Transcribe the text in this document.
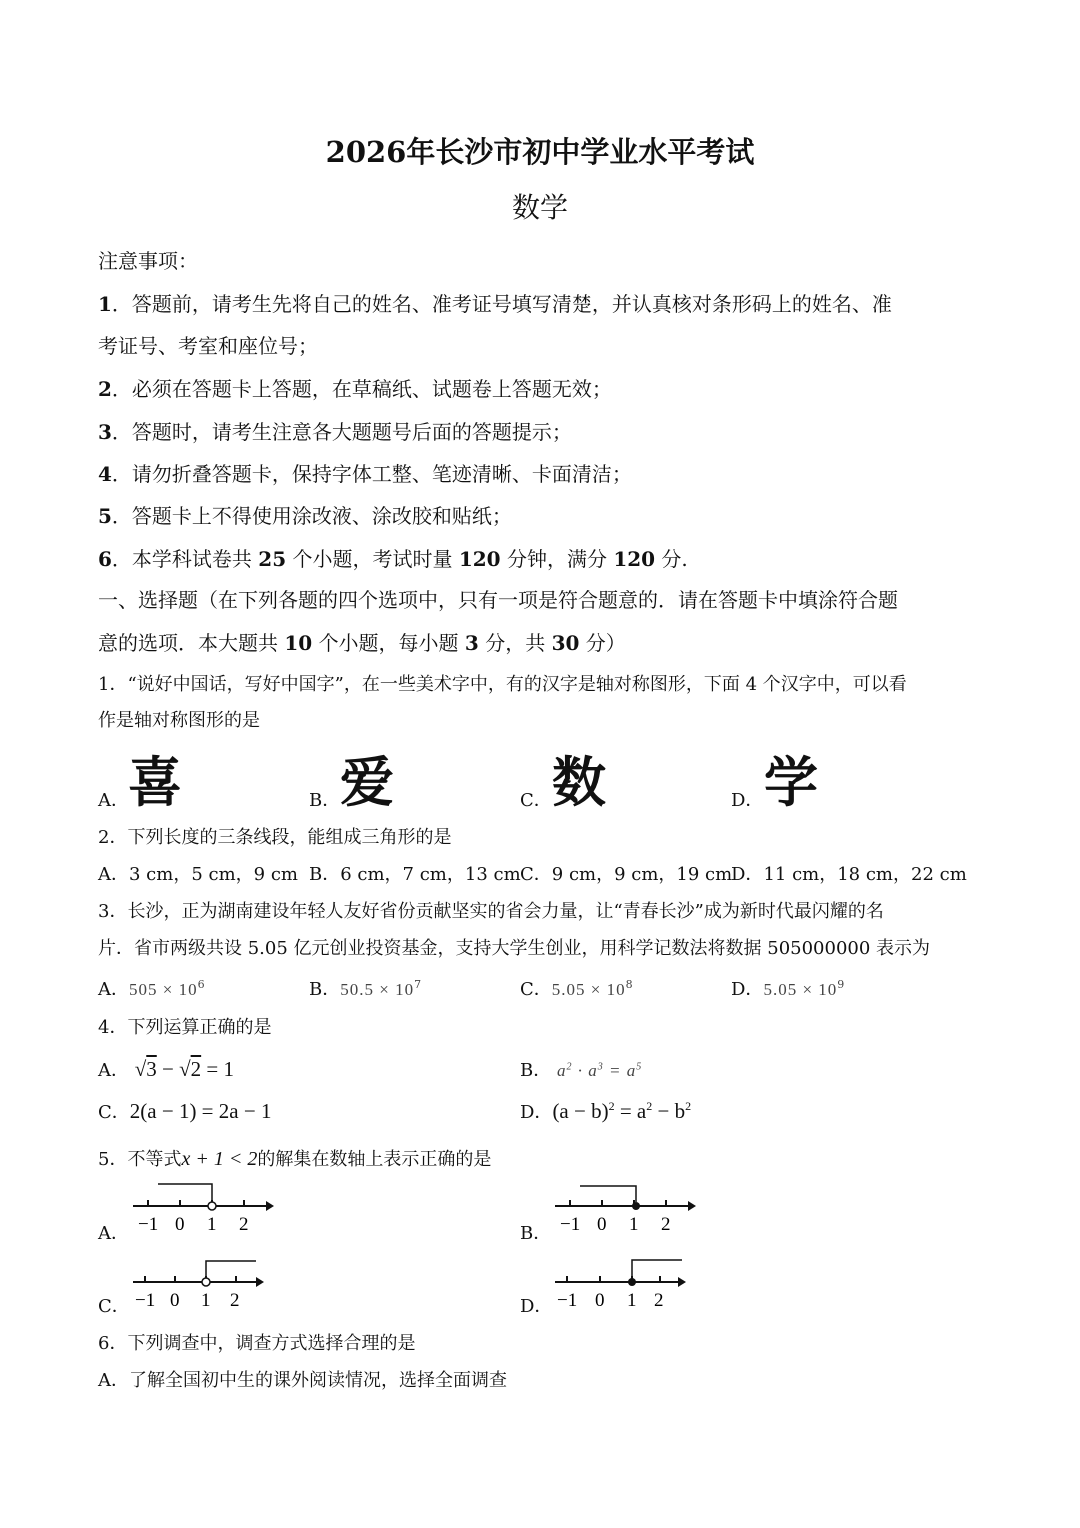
2026年长沙市初中学业水平考试
数学
注意事项：
1．答题前，请考生先将自己的姓名、准考证号填写清楚，并认真核对条形码上的姓名、准
考证号、考室和座位号；
2．必须在答题卡上答题，在草稿纸、试题卷上答题无效；
3．答题时，请考生注意各大题题号后面的答题提示；
4．请勿折叠答题卡，保持字体工整、笔迹清晰、卡面清洁；
5．答题卡上不得使用涂改液、涂改胶和贴纸；
6．本学科试卷共 25 个小题，考试时量 120 分钟，满分 120 分.
一、选择题（在下列各题的四个选项中，只有一项是符合题意的．请在答题卡中填涂符合题
意的选项．本大题共 10 个小题，每小题 3 分，共 30 分）
1．“说好中国话，写好中国字”，在一些美术字中，有的汉字是轴对称图形，下面 4 个汉字中，可以看
作是轴对称图形的是
A． 喜	B． 爱	C． 数	D． 学
2．下列长度的三条线段，能组成三角形的是
A．3 cm，5 cm，9 cm B．6 cm，7 cm，13 cm C．9 cm，9 cm，19 cm
D．11 cm，18 cm，22 cm
3．长沙，正为湖南建设年轻人友好省份贡献坚实的省会力量，让“青春长沙”成为新时代最闪耀的名
片．省市两级共设 5.05 亿元创业投资基金，支持大学生创业，用科学记数法将数据 505000000 表示为
A．$505 \times 10^6$	B．$50.5 \times 10^7$	C．$5.05 \times 10^8$	D．$5.05 \times 10^9$
4．下列运算正确的是
A． √3 − √2 = 1	B． $a^2 \cdot a^3 = a^5$
C．2(a − 1) = 2a − 1	D．$(a - b)^2 = a^2 - b^2$
5．不等式x + 1 < 2的解集在数轴上表示正确的是
A． −1 0 1 2	B． −1 0 1 2
C． −1 0 1 2	D． −1 0 1 2
6．下列调查中，调查方式选择合理的是
A．了解全国初中生的课外阅读情况，选择全面调查
